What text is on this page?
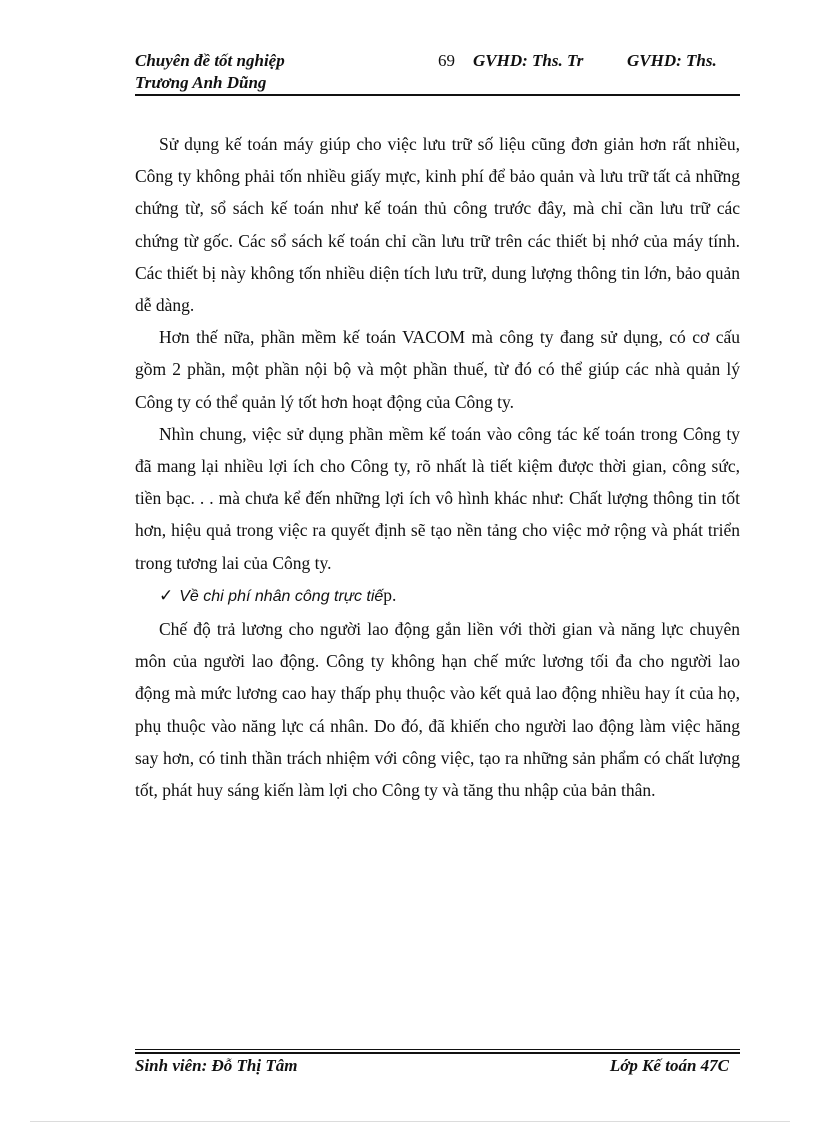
Chuyên đề tốt nghiệp
Trương Anh Dũng
69 GVHD: Ths. Tr	GVHD: Ths.

Sử dụng kế toán máy giúp cho việc lưu trữ số liệu cũng đơn giản hơn rất nhiều, Công ty không phải tốn nhiều giấy mực, kinh phí để bảo quản và lưu trữ tất cả những chứng từ, sổ sách kế toán như kế toán thủ công trước đây, mà chỉ cần lưu trữ các chứng từ gốc. Các sổ sách kế toán chỉ cần lưu trữ trên các thiết bị nhớ của máy tính. Các thiết bị này không tốn nhiều diện tích lưu trữ, dung lượng thông tin lớn, bảo quản dễ dàng.

Hơn thế nữa, phần mềm kế toán VACOM mà công ty đang sử dụng, có cơ cấu gồm 2 phần, một phần nội bộ và một phần thuế, từ đó có thể giúp các nhà quản lý Công ty có thể quản lý tốt hơn hoạt động của Công ty.

Nhìn chung, việc sử dụng phần mềm kế toán vào công tác kế toán trong Công ty đã mang lại nhiều lợi ích cho Công ty, rõ nhất là tiết kiệm được thời gian, công sức, tiền bạc. . . mà chưa kể đến những lợi ích vô hình khác như: Chất lượng thông tin tốt hơn, hiệu quả trong việc ra quyết định sẽ tạo nền tảng cho việc mở rộng và phát triển trong tương lai của Công ty.

✓ Về chi phí nhân công trực tiếp.

Chế độ trả lương cho người lao động gắn liền với thời gian và năng lực chuyên môn của người lao động. Công ty không hạn chế mức lương tối đa cho người lao động mà mức lương cao hay thấp phụ thuộc vào kết quả lao động nhiều hay ít của họ, phụ thuộc vào năng lực cá nhân. Do đó, đã khiến cho người lao động làm việc hăng say hơn, có tinh thần trách nhiệm với công việc, tạo ra những sản phẩm có chất lượng tốt, phát huy sáng kiến làm lợi cho Công ty và tăng thu nhập của bản thân.

Sinh viên: Đỗ Thị Tâm	Lớp Kế toán 47C
